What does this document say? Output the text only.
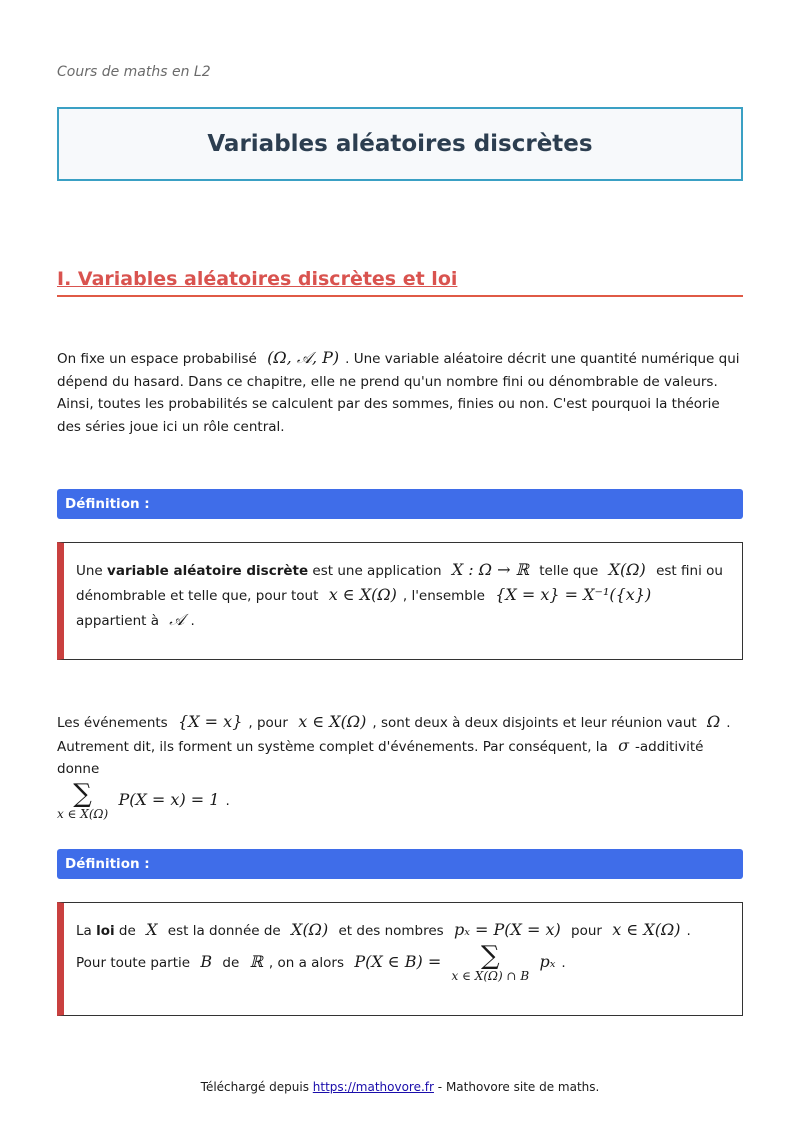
Cours de maths en L2
Variables aléatoires discrètes
I. Variables aléatoires discrètes et loi
On fixe un espace probabilisé (Ω, 𝒜, P) . Une variable aléatoire décrit une quantité numérique qui dépend du hasard. Dans ce chapitre, elle ne prend qu'un nombre fini ou dénombrable de valeurs. Ainsi, toutes les probabilités se calculent par des sommes, finies ou non. C'est pourquoi la théorie des séries joue ici un rôle central.
Définition :
Une variable aléatoire discrète est une application X : Ω → ℝ telle que X(Ω) est fini ou dénombrable et telle que, pour tout x ∈ X(Ω) , l'ensemble {X = x} = X⁻¹({x}) appartient à 𝒜 .
Les événements {X = x} , pour x ∈ X(Ω) , sont deux à deux disjoints et leur réunion vaut Ω . Autrement dit, ils forment un système complet d'événements. Par conséquent, la σ -additivité donne

∑
x ∈ X(Ω)
P(X = x) = 1 .
Définition :
La loi de X est la donnée de X(Ω) et des nombres pₓ = P(X = x) pour x ∈ X(Ω) .
Pour toute partie B de ℝ , on a alors P(X ∈ B) = ∑
x ∈ X(Ω) ∩ B
pₓ .
Téléchargé depuis https://mathovore.fr - Mathovore site de maths.
